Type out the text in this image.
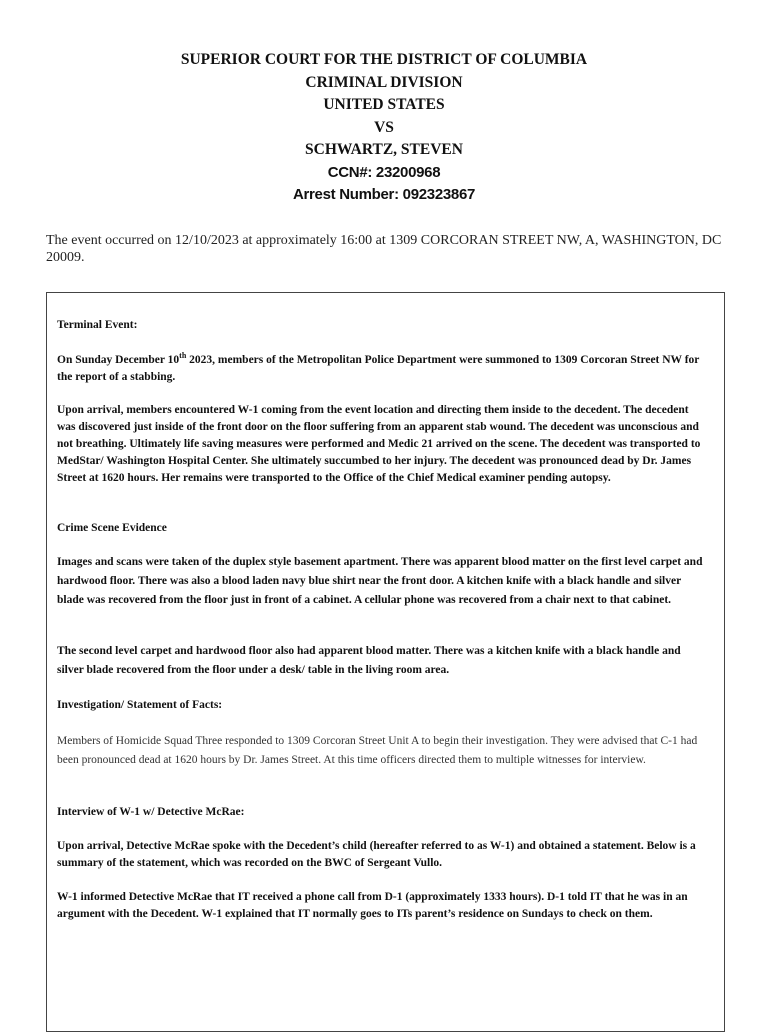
SUPERIOR COURT FOR THE DISTRICT OF COLUMBIA
CRIMINAL DIVISION
UNITED STATES
VS
SCHWARTZ, STEVEN
CCN#: 23200968
Arrest Number: 092323867
The event occurred on 12/10/2023 at approximately 16:00 at 1309 CORCORAN STREET NW, A, WASHINGTON, DC 20009.
Terminal Event:
On Sunday December 10th 2023, members of the Metropolitan Police Department were summoned to 1309 Corcoran Street NW for the report of a stabbing.
Upon arrival, members encountered W-1 coming from the event location and directing them inside to the decedent. The decedent was discovered just inside of the front door on the floor suffering from an apparent stab wound. The decedent was unconscious and not breathing. Ultimately life saving measures were performed and Medic 21 arrived on the scene. The decedent was transported to MedStar/ Washington Hospital Center. She ultimately succumbed to her injury. The decedent was pronounced dead by Dr. James Street at 1620 hours. Her remains were transported to the Office of the Chief Medical examiner pending autopsy.
Crime Scene Evidence
Images and scans were taken of the duplex style basement apartment. There was apparent blood matter on the first level carpet and hardwood floor. There was also a blood laden navy blue shirt near the front door. A kitchen knife with a black handle and silver blade was recovered from the floor just in front of a cabinet. A cellular phone was recovered from a chair next to that cabinet.
The second level carpet and hardwood floor also had apparent blood matter. There was a kitchen knife with a black handle and silver blade recovered from the floor under a desk/ table in the living room area.
Investigation/ Statement of Facts:
Members of Homicide Squad Three responded to 1309 Corcoran Street Unit A to begin their investigation. They were advised that C-1 had been pronounced dead at 1620 hours by Dr. James Street. At this time officers directed them to multiple witnesses for interview.
Interview of W-1 w/ Detective McRae:
Upon arrival, Detective McRae spoke with the Decedent’s child (hereafter referred to as W-1) and obtained a statement. Below is a summary of the statement, which was recorded on the BWC of Sergeant Vullo.
W-1 informed Detective McRae that IT received a phone call from D-1 (approximately 1333 hours). D-1 told IT that he was in an argument with the Decedent. W-1 explained that IT normally goes to ITs parent’s residence on Sundays to check on them.
